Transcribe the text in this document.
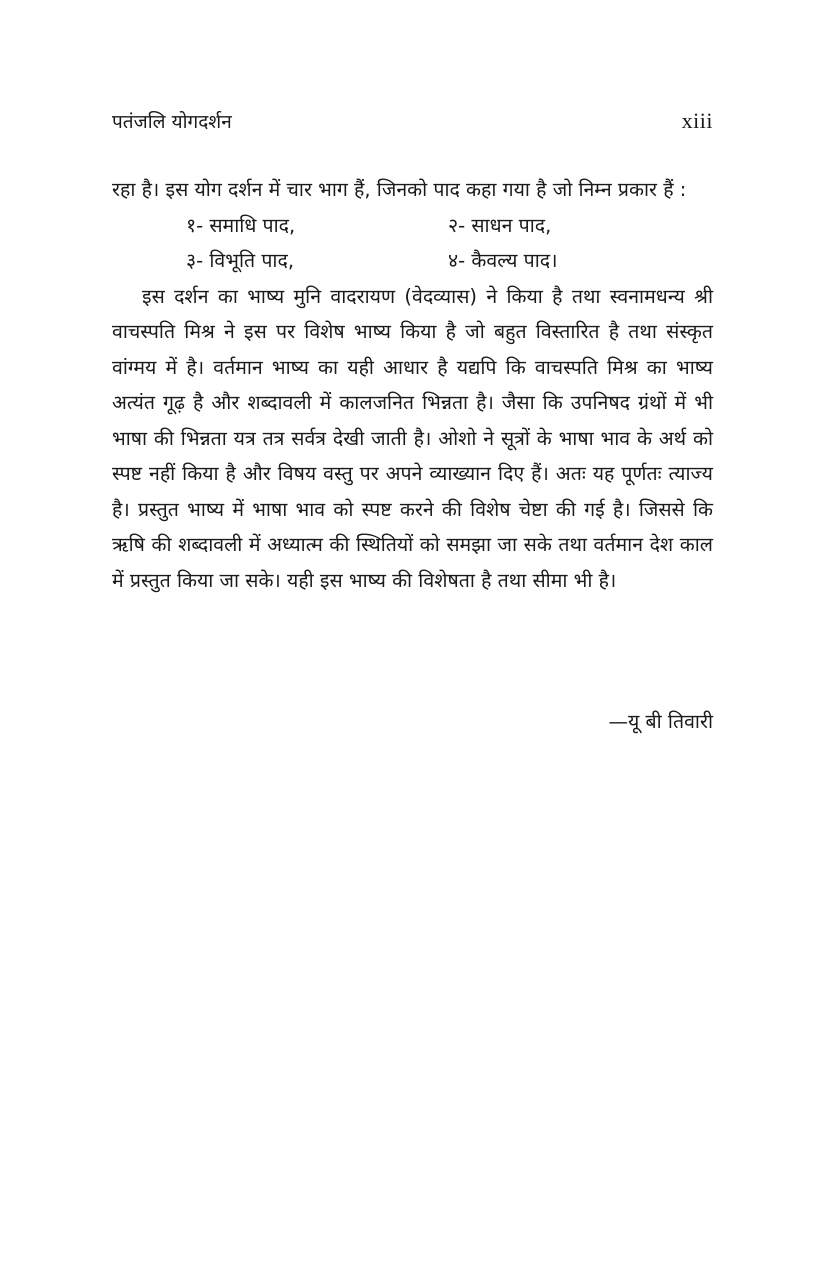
पतंजलि योगदर्शन	xiii

रहा है। इस योग दर्शन में चार भाग हैं, जिनको पाद कहा गया है जो निम्न प्रकार हैं :

१- समाधि पाद,	२- साधन पाद,
३- विभूति पाद,	४- कैवल्य पाद।

इस दर्शन का भाष्य मुनि वादरायण (वेदव्यास) ने किया है तथा स्वनामधन्य श्री वाचस्पति मिश्र ने इस पर विशेष भाष्य किया है जो बहुत विस्तारित है तथा संस्कृत वांग्मय में है। वर्तमान भाष्य का यही आधार है यद्यपि कि वाचस्पति मिश्र का भाष्य अत्यंत गूढ़ है और शब्दावली में कालजनित भिन्नता है। जैसा कि उपनिषद ग्रंथों में भी भाषा की भिन्नता यत्र तत्र सर्वत्र देखी जाती है। ओशो ने सूत्रों के भाषा भाव के अर्थ को स्पष्ट नहीं किया है और विषय वस्तु पर अपने व्याख्यान दिए हैं। अतः यह पूर्णतः त्याज्य है। प्रस्तुत भाष्य में भाषा भाव को स्पष्ट करने की विशेष चेष्टा की गई है। जिससे कि ऋषि की शब्दावली में अध्यात्म की स्थितियों को समझा जा सके तथा वर्तमान देश काल में प्रस्तुत किया जा सके। यही इस भाष्य की विशेषता है तथा सीमा भी है।

—यू बी तिवारी
